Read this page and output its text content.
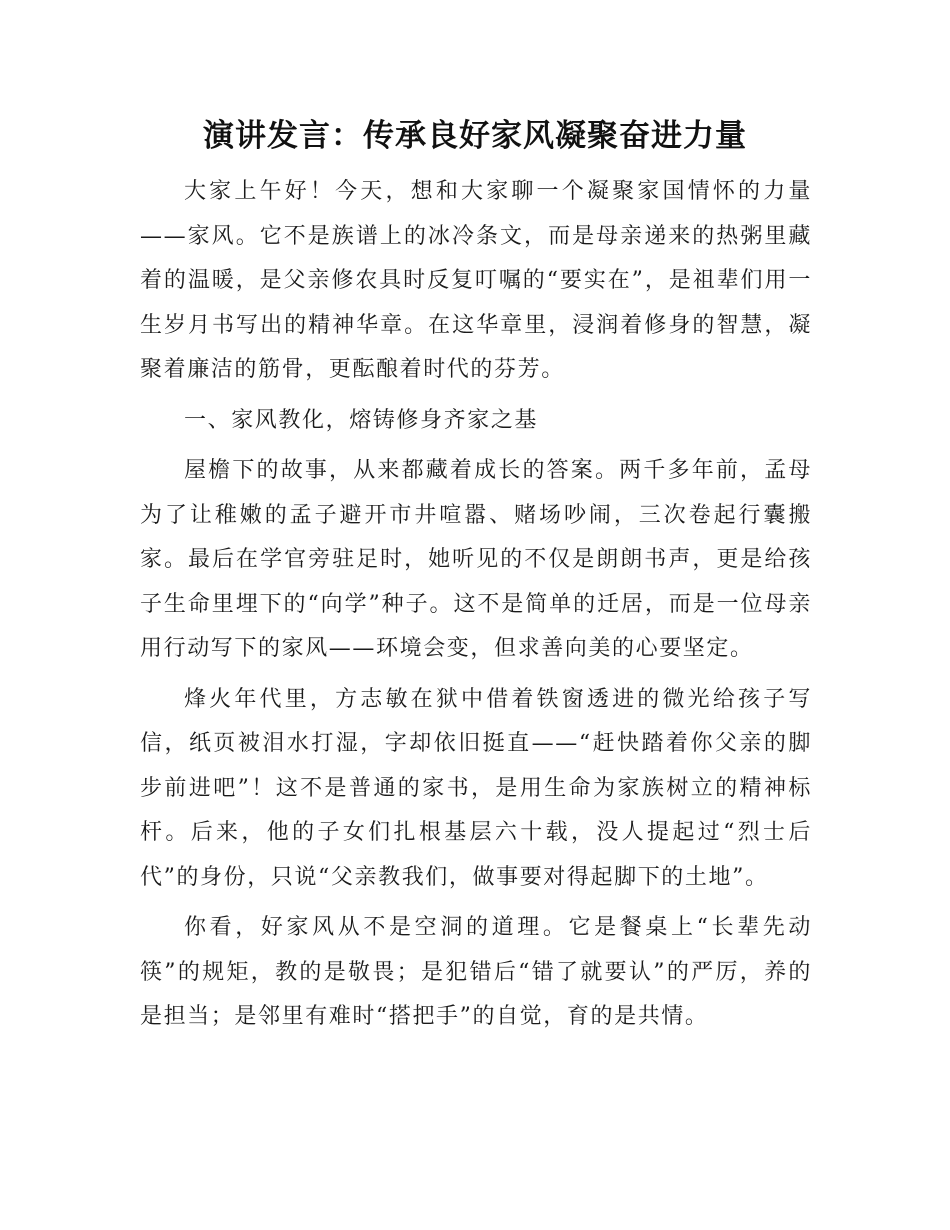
演讲发言：传承良好家风凝聚奋进力量

大家上午好！今天，想和大家聊一个凝聚家国情怀的力量——家风。它不是族谱上的冰冷条文，而是母亲递来的热粥里藏着的温暖，是父亲修农具时反复叮嘱的“要实在”，是祖辈们用一生岁月书写出的精神华章。在这华章里，浸润着修身的智慧，凝聚着廉洁的筋骨，更酝酿着时代的芬芳。

一、家风教化，熔铸修身齐家之基

屋檐下的故事，从来都藏着成长的答案。两千多年前，孟母为了让稚嫩的孟子避开市井喧嚣、赌场吵闹，三次卷起行囊搬家。最后在学官旁驻足时，她听见的不仅是朗朗书声，更是给孩子生命里埋下的“向学”种子。这不是简单的迁居，而是一位母亲用行动写下的家风——环境会变，但求善向美的心要坚定。

烽火年代里，方志敏在狱中借着铁窗透进的微光给孩子写信，纸页被泪水打湿，字却依旧挺直——“赶快踏着你父亲的脚步前进吧”！这不是普通的家书，是用生命为家族树立的精神标杆。后来，他的子女们扎根基层六十载，没人提起过“烈士后代”的身份，只说“父亲教我们，做事要对得起脚下的土地”。

你看，好家风从不是空洞的道理。它是餐桌上“长辈先动筷”的规矩，教的是敬畏；是犯错后“错了就要认”的严厉，养的是担当；是邻里有难时“搭把手”的自觉，育的是共情。
